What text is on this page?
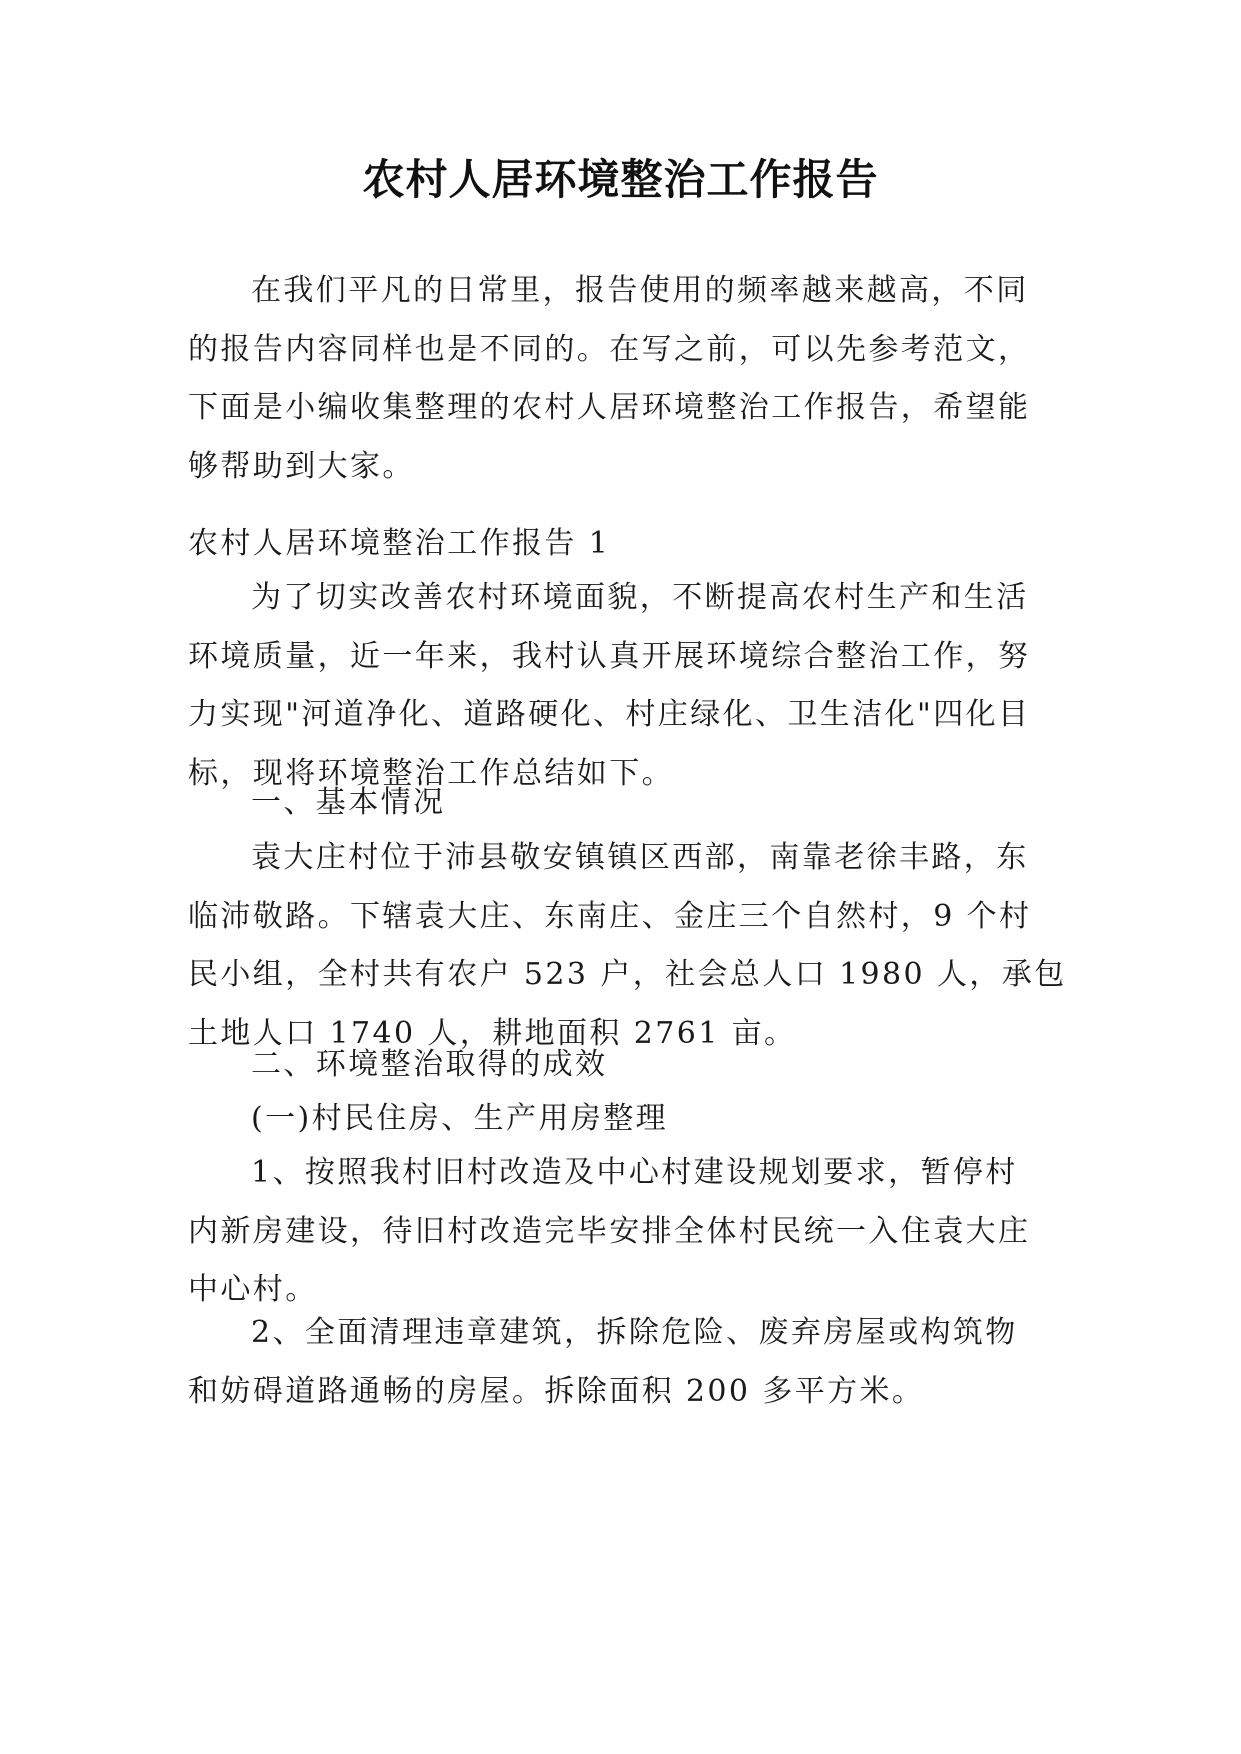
农村人居环境整治工作报告
在我们平凡的日常里，报告使用的频率越来越高，不同
的报告内容同样也是不同的。在写之前，可以先参考范文，
下面是小编收集整理的农村人居环境整治工作报告，希望能
够帮助到大家。
农村人居环境整治工作报告 1
为了切实改善农村环境面貌，不断提高农村生产和生活
环境质量，近一年来，我村认真开展环境综合整治工作，努
力实现"河道净化、道路硬化、村庄绿化、卫生洁化"四化目
标，现将环境整治工作总结如下。
一、基本情况
袁大庄村位于沛县敬安镇镇区西部，南靠老徐丰路，东
临沛敬路。下辖袁大庄、东南庄、金庄三个自然村，9 个村
民小组，全村共有农户 523 户，社会总人口 1980 人，承包
土地人口 1740 人，耕地面积 2761 亩。
二、环境整治取得的成效
(一)村民住房、生产用房整理
1、按照我村旧村改造及中心村建设规划要求，暂停村
内新房建设，待旧村改造完毕安排全体村民统一入住袁大庄
中心村。
2、全面清理违章建筑，拆除危险、废弃房屋或构筑物
和妨碍道路通畅的房屋。拆除面积 200 多平方米。
